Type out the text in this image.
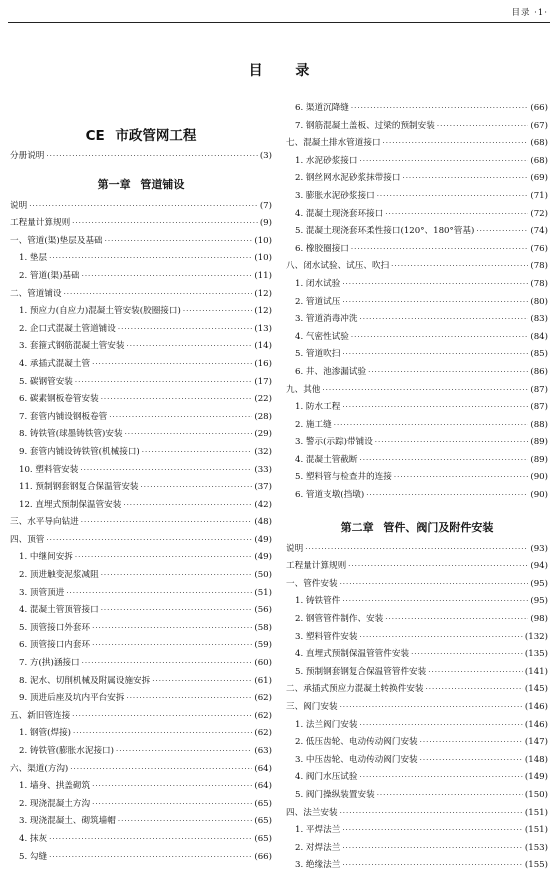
目录 ·1·
目 录
CE 市政管网工程
分册说明 ·····	(3)
第一章 管道铺设
说明 ·····	(7)
工程量计算规则 ·····	(9)
一、管道(渠)垫层及基础 ·····	(10)
1. 垫层 ·····	(10)
2. 管道(渠)基础 ·····	(11)
二、管道铺设 ·····	(12)
1. 预应力(自应力)混凝土管安装(胶圈接口) ·····	(12)
2. 企口式混凝土管道铺设 ·····	(13)
3. 套箍式钢筋混凝土管安装 ·····	(14)
4. 承插式混凝土管 ·····	(16)
5. 碳钢管安装 ·····	(17)
6. 碳素钢板卷管安装 ·····	(22)
7. 套管内铺设钢板卷管 ·····	(28)
8. 铸铁管(球墨铸铁管)安装 ·····	(29)
9. 套管内铺设铸铁管(机械接口) ·····	(32)
10. 塑料管安装 ·····	(33)
11. 预制钢套钢复合保温管安装 ·····	(37)
12. 直埋式预制保温管安装 ·····	(42)
三、水平导向钻进 ·····	(48)
四、顶管 ·····	(49)
1. 中继间安拆 ·····	(49)
2. 顶进触变泥浆减阻 ·····	(50)
3. 顶管顶进 ·····	(51)
4. 混凝土管顶管接口 ·····	(56)
5. 顶管接口外套环 ·····	(58)
6. 顶管接口内套环 ·····	(59)
7. 方(拱)涵接口 ·····	(60)
8. 泥水、切削机械及附属设施安拆 ·····	(61)
9. 顶进后座及坑内平台安拆 ·····	(62)
五、新旧管连接 ·····	(62)
1. 钢管(焊接) ·····	(62)
2. 铸铁管(膨胀水泥接口) ·····	(63)
六、渠道(方沟) ·····	(64)
1. 墙身、拱盖砌筑 ·····	(64)
2. 现浇混凝土方沟 ·····	(65)
3. 现浇混凝土、砌筑墙帽 ·····	(65)
4. 抹灰 ·····	(65)
5. 勾缝 ·····	(66)
6. 渠道沉降缝 ·····	(66)
7. 钢筋混凝土盖板、过梁的预制安装 ·····	(67)
七、混凝土排水管道接口 ·····	(68)
1. 水泥砂浆接口 ·····	(68)
2. 钢丝网水泥砂浆抹带接口 ·····	(69)
3. 膨胀水泥砂浆接口 ·····	(71)
4. 混凝土现浇套环接口 ·····	(72)
5. 混凝土现浇套环柔性接口(120°、180°管基) ·····	(74)
6. 橡胶圈接口 ·····	(76)
八、闭水试验、试压、吹扫 ·····	(78)
1. 闭水试验 ·····	(78)
2. 管道试压 ·····	(80)
3. 管道消毒冲洗 ·····	(83)
4. 气密性试验 ·····	(84)
5. 管道吹扫 ·····	(85)
6. 井、池渗漏试验 ·····	(86)
九、其他 ·····	(87)
1. 防水工程 ·····	(87)
2. 施工缝 ·····	(88)
3. 警示(示踪)带铺设 ·····	(89)
4. 混凝土管截断 ·····	(89)
5. 塑料管与检查井的连接 ·····	(90)
6. 管道支墩(挡墩) ·····	(90)
第二章 管件、阀门及附件安装
说明 ·····	(93)
工程量计算规则 ·····	(94)
一、管件安装 ·····	(95)
1. 铸铁管件 ·····	(95)
2. 钢管管件制作、安装 ·····	(98)
3. 塑料管件安装 ·····	(132)
4. 直埋式预制保温管管件安装 ·····	(135)
5. 预制钢套钢复合保温管管件安装 ·····	(141)
二、承插式预应力混凝土转换件安装 ·····	(145)
三、阀门安装 ·····	(146)
1. 法兰阀门安装 ·····	(146)
2. 低压齿轮、电动传动阀门安装 ·····	(147)
3. 中压齿轮、电动传动阀门安装 ·····	(148)
4. 阀门水压试验 ·····	(149)
5. 阀门操纵装置安装 ·····	(150)
四、法兰安装 ·····	(151)
1. 平焊法兰 ·····	(151)
2. 对焊法兰 ·····	(153)
3. 绝缘法兰 ·····	(155)
